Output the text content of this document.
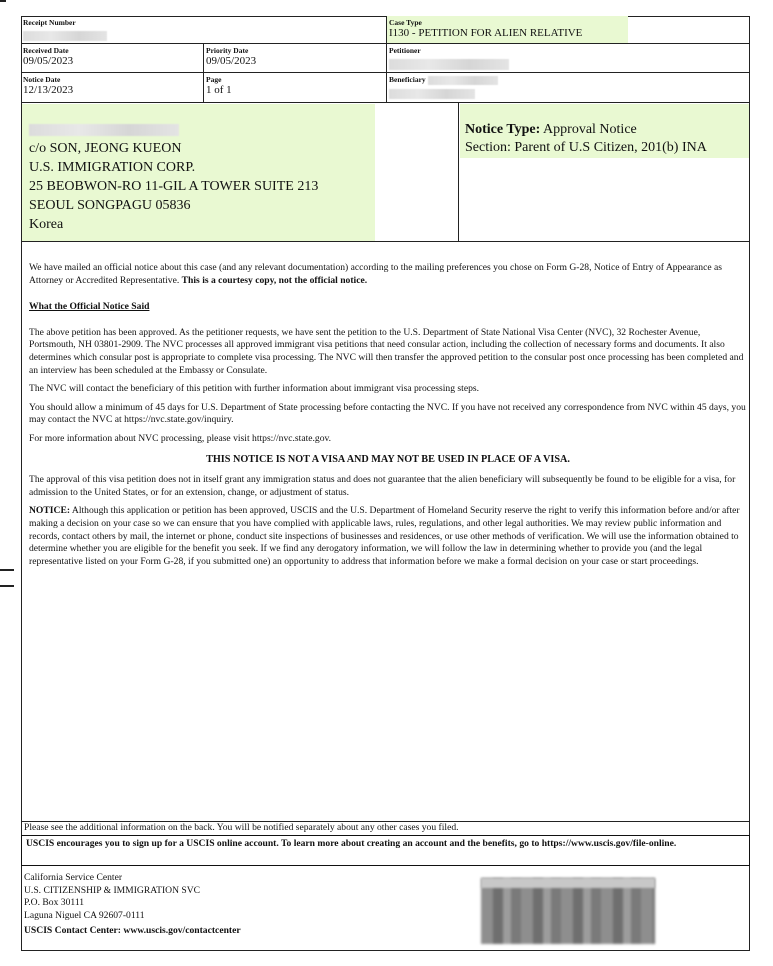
Receipt Number	Case Type
I130 - PETITION FOR ALIEN RELATIVE
Received Date
09/05/2023
Priority Date
09/05/2023
Petitioner
Notice Date
12/13/2023
Page
1 of 1
Beneficiary
c/o SON, JEONG KUEON
U.S. IMMIGRATION CORP.
25 BEOBWON-RO 11-GIL A TOWER SUITE 213
SEOUL SONGPAGU 05836
Korea
Notice Type: Approval Notice
Section: Parent of U.S Citizen, 201(b) INA

We have mailed an official notice about this case (and any relevant documentation) according to the mailing preferences you chose on Form G-28, Notice of Entry of Appearance as Attorney or Accredited Representative. This is a courtesy copy, not the official notice.

What the Official Notice Said

The above petition has been approved. As the petitioner requests, we have sent the petition to the U.S. Department of State National Visa Center (NVC), 32 Rochester Avenue, Portsmouth, NH 03801-2909. The NVC processes all approved immigrant visa petitions that need consular action, including the collection of necessary forms and documents. It also determines which consular post is appropriate to complete visa processing. The NVC will then transfer the approved petition to the consular post once processing has been completed and an interview has been scheduled at the Embassy or Consulate.

The NVC will contact the beneficiary of this petition with further information about immigrant visa processing steps.

You should allow a minimum of 45 days for U.S. Department of State processing before contacting the NVC. If you have not received any correspondence from NVC within 45 days, you may contact the NVC at https://nvc.state.gov/inquiry.

For more information about NVC processing, please visit https://nvc.state.gov.

THIS NOTICE IS NOT A VISA AND MAY NOT BE USED IN PLACE OF A VISA.

The approval of this visa petition does not in itself grant any immigration status and does not guarantee that the alien beneficiary will subsequently be found to be eligible for a visa, for admission to the United States, or for an extension, change, or adjustment of status.

NOTICE: Although this application or petition has been approved, USCIS and the U.S. Department of Homeland Security reserve the right to verify this information before and/or after making a decision on your case so we can ensure that you have complied with applicable laws, rules, regulations, and other legal authorities. We may review public information and records, contact others by mail, the internet or phone, conduct site inspections of businesses and residences, or use other methods of verification. We will use the information obtained to determine whether you are eligible for the benefit you seek. If we find any derogatory information, we will follow the law in determining whether to provide you (and the legal representative listed on your Form G-28, if you submitted one) an opportunity to address that information before we make a formal decision on your case or start proceedings.

Please see the additional information on the back. You will be notified separately about any other cases you filed.
USCIS encourages you to sign up for a USCIS online account. To learn more about creating an account and the benefits, go to https://www.uscis.gov/file-online.
California Service Center
U.S. CITIZENSHIP & IMMIGRATION SVC
P.O. Box 30111
Laguna Niguel CA 92607-0111
USCIS Contact Center: www.uscis.gov/contactcenter
